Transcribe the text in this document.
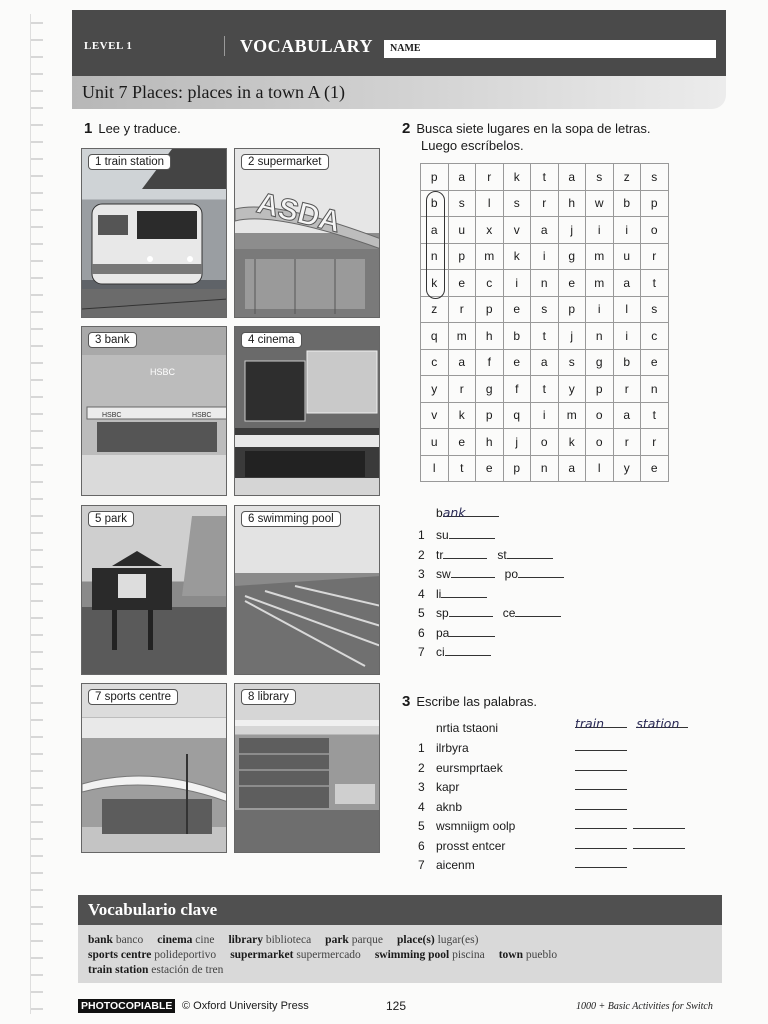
LEVEL 1	VOCABULARY NAME
Unit 7 Places: places in a town A (1)
1 Lee y traduce.
1 train station
ASDA
2 supermarket
HSBC
HSBC	HSBC
3 bank	4 cinema
5 park	6 swimming pool
7 sports centre	8 library
2 Busca siete lugares en la sopa de letras.
Luego escríbelos.
p	a	r	k	t	a	s	z	s
b	s	l	s	r	h	w	b	p
a	u	x	v	a	j	i	i	o
n	p	m	k	i	g	m	u	r
k	e	c	i	n	e	m	a	t
z	r	p	e	s	p	i	l	s
q	m	h	b	t	j	n	i	c
c	a	f	e	a	s	g	b	e
y	r	g	f	t	y	p	r	n
v	k	p	q	i	m	o	a	t
u	e	h	j	o	k	o	r	r
l	t	e	p	n	a	l	y	e
bank
1 su
2 tr	st
3 sw	po
4 li
5 sp	ce
6 pa
7 ci
3 Escribe las palabras.
nrtia tstaoni	train	station
1 ilrbyra
2 eursmprtaek
3 kapr
4 aknb
5 wsmniigm oolp
6 prosst entcer
7 aicenm
Vocabulario clave
bank banco cinema cine library biblioteca park parque place(s) lugar(es)
sports centre polideportivo supermarket supermercado swimming pool piscina town pueblo
train station estación de tren
PHOTOCOPIABLE © Oxford University Press	125	1000 + Basic Activities for Switch
